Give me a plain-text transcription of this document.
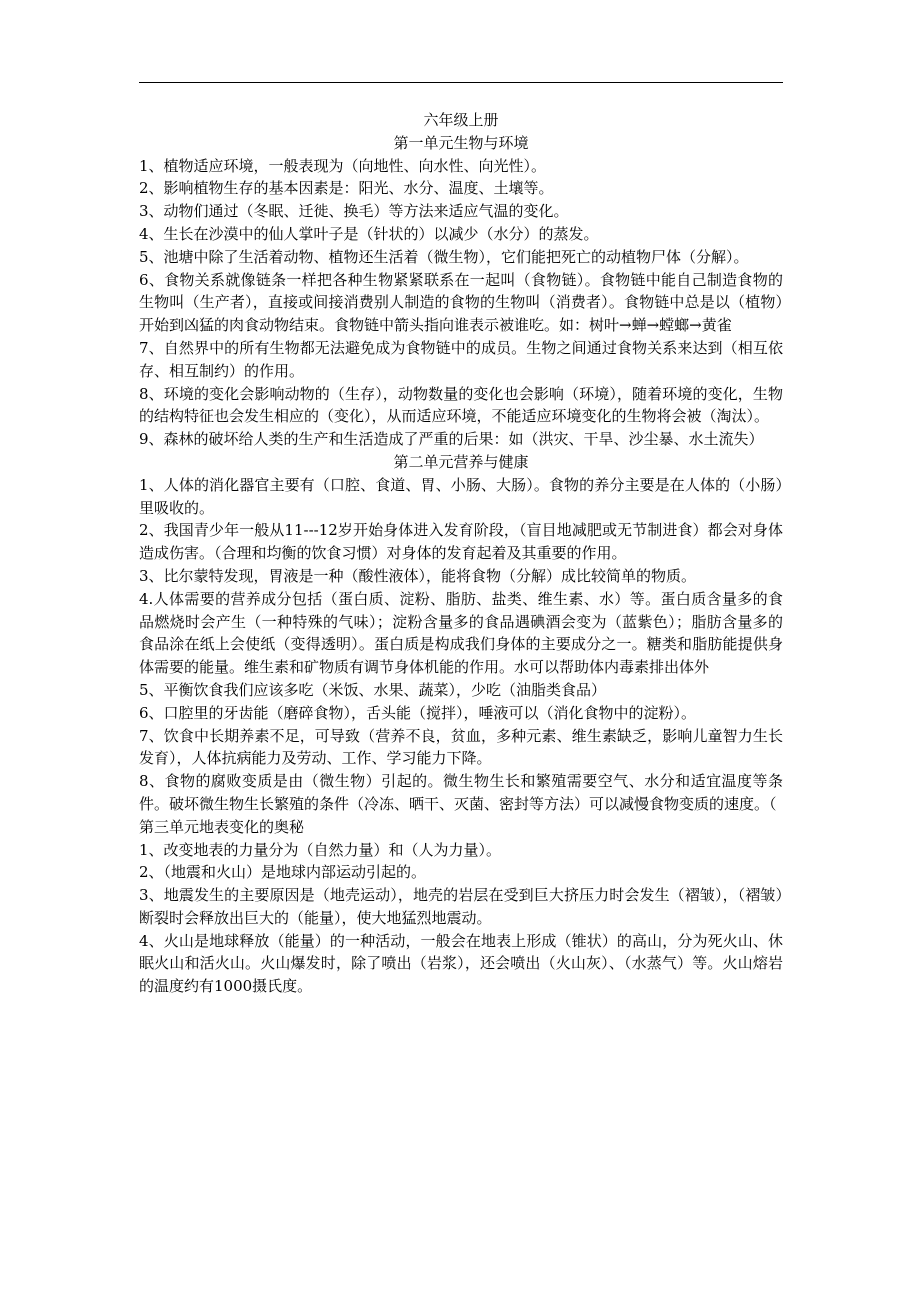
六年级上册
第一单元生物与环境

1、植物适应环境，一般表现为（向地性、向水性、向光性）。

2、影响植物生存的基本因素是：阳光、水分、温度、土壤等。

3、动物们通过（冬眠、迁徙、换毛）等方法来适应气温的变化。

4、生长在沙漠中的仙人掌叶子是（针状的）以减少（水分）的蒸发。

5、池塘中除了生活着动物、植物还生活着（微生物），它们能把死亡的动植物尸体（分解）。

6、食物关系就像链条一样把各种生物紧紧联系在一起叫（食物链）。食物链中能自己制造食物的生物叫（生产者），直接或间接消费别人制造的食物的生物叫（消费者）。食物链中总是以（植物）开始到凶猛的肉食动物结束。食物链中箭头指向谁表示被谁吃。如：树叶→蝉→螳螂→黄雀

7、自然界中的所有生物都无法避免成为食物链中的成员。生物之间通过食物关系来达到（相互依存、相互制约）的作用。

8、环境的变化会影响动物的（生存），动物数量的变化也会影响（环境），随着环境的变化，生物的结构特征也会发生相应的（变化），从而适应环境，不能适应环境变化的生物将会被（淘汰）。

9、森林的破坏给人类的生产和生活造成了严重的后果：如（洪灾、干旱、沙尘暴、水土流失）

第二单元营养与健康

1、人体的消化器官主要有（口腔、食道、胃、小肠、大肠）。食物的养分主要是在人体的（小肠）里吸收的。

2、我国青少年一般从11---12岁开始身体进入发育阶段，（盲目地减肥或无节制进食）都会对身体造成伤害。（合理和均衡的饮食习惯）对身体的发育起着及其重要的作用。

3、比尔蒙特发现，胃液是一种（酸性液体），能将食物（分解）成比较简单的物质。

4.人体需要的营养成分包括（蛋白质、淀粉、脂肪、盐类、维生素、水）等。蛋白质含量多的食品燃烧时会产生（一种特殊的气味）；淀粉含量多的食品遇碘酒会变为（蓝紫色）；脂肪含量多的食品涂在纸上会使纸（变得透明）。蛋白质是构成我们身体的主要成分之一。糖类和脂肪能提供身体需要的能量。维生素和矿物质有调节身体机能的作用。水可以帮助体内毒素排出体外

5、平衡饮食我们应该多吃（米饭、水果、蔬菜），少吃（油脂类食品）

6、口腔里的牙齿能（磨碎食物），舌头能（搅拌），唾液可以（消化食物中的淀粉）。

7、饮食中长期养素不足，可导致（营养不良，贫血，多种元素、维生素缺乏，影响儿童智力生长发育），人体抗病能力及劳动、工作、学习能力下降。

8、食物的腐败变质是由（微生物）引起的。微生物生长和繁殖需要空气、水分和适宜温度等条件。破坏微生物生长繁殖的条件（冷冻、晒干、灭菌、密封等方法）可以减慢食物变质的速度。（

第三单元地表变化的奥秘

1、改变地表的力量分为（自然力量）和（人为力量）。

2、（地震和火山）是地球内部运动引起的。

3、地震发生的主要原因是（地壳运动），地壳的岩层在受到巨大挤压力时会发生（褶皱），（褶皱）断裂时会释放出巨大的（能量），使大地猛烈地震动。

4、火山是地球释放（能量）的一种活动，一般会在地表上形成（锥状）的高山，分为死火山、休眠火山和活火山。火山爆发时，除了喷出（岩浆），还会喷出（火山灰）、（水蒸气）等。火山熔岩的温度约有1000摄氏度。
